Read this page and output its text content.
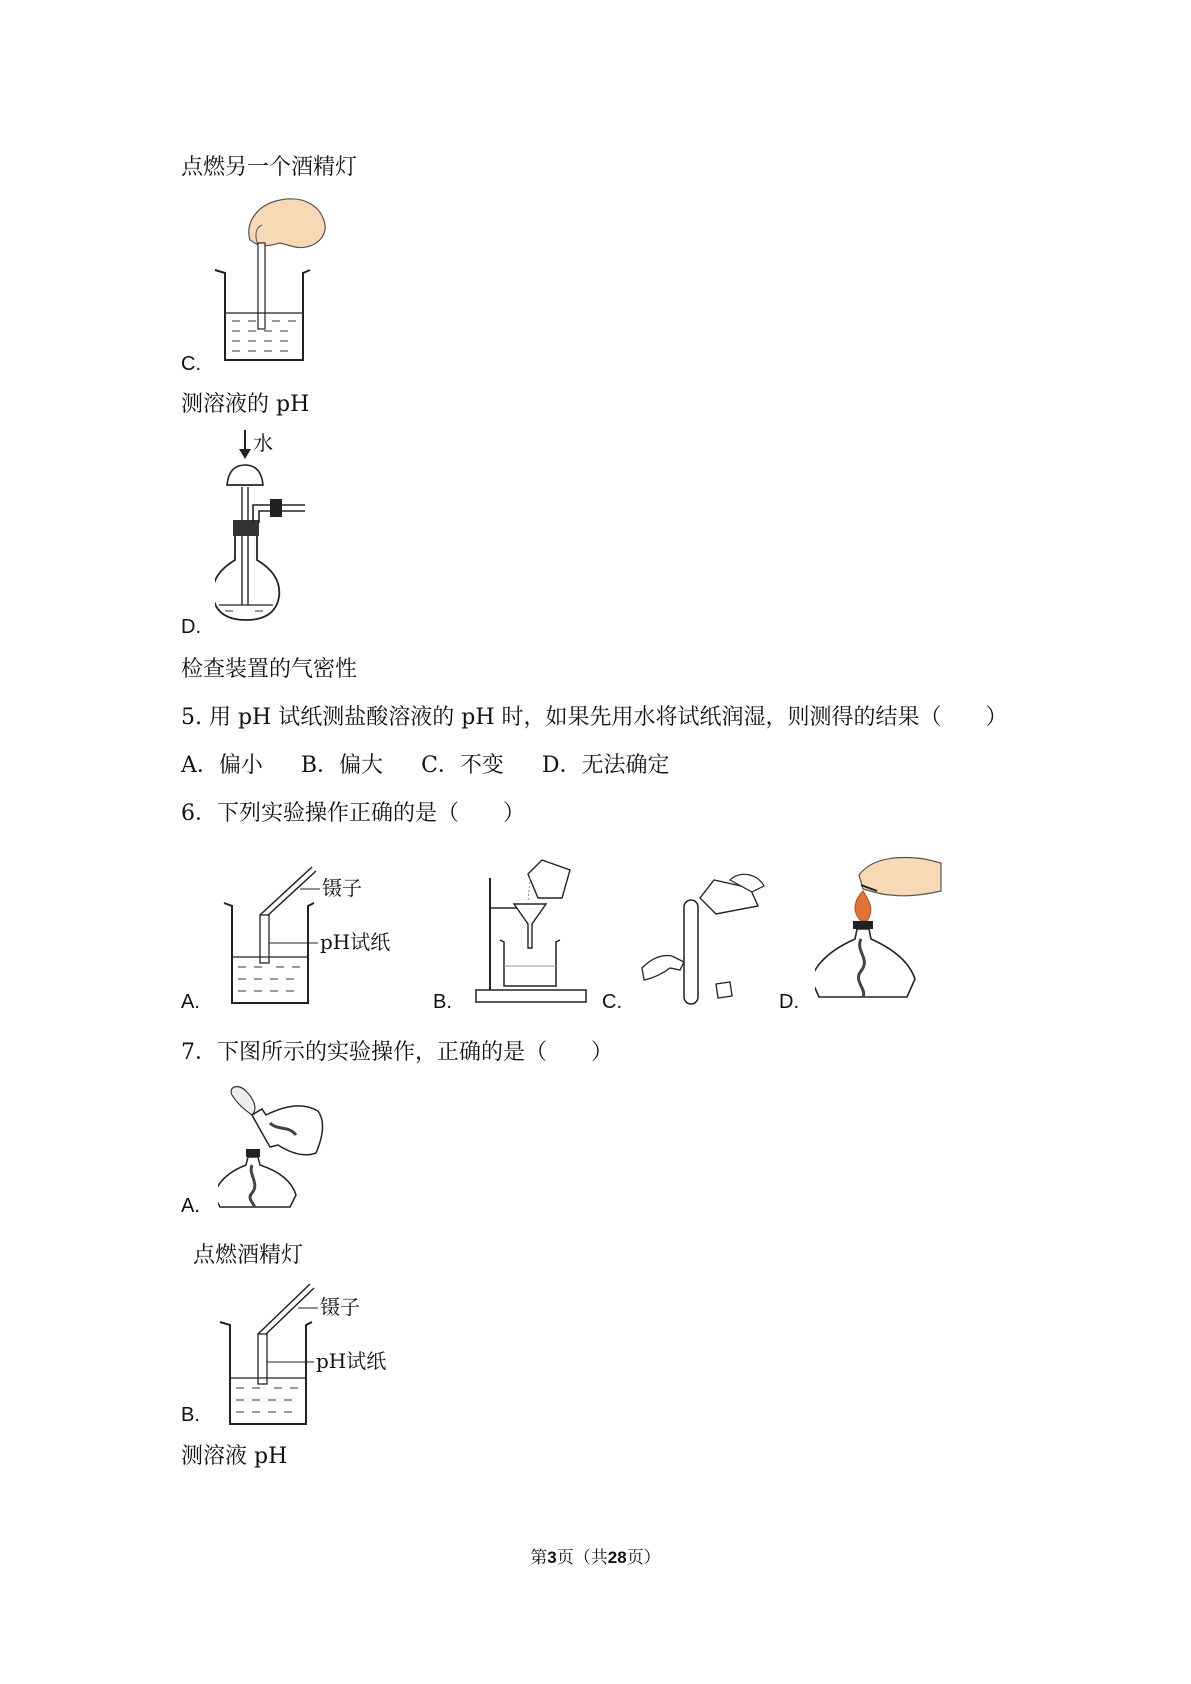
点燃另一个酒精灯
C.
测溶液的 pH
水
D.
检查装置的气密性
5. 用 pH 试纸测盐酸溶液的 pH 时，如果先用水将试纸润湿，则测得的结果（　　）
A．偏小 B．偏大 C．不变 D．无法确定
6．下列实验操作正确的是（　　）
镊子
pH试纸
A.	B.	C.	D.
7．下图所示的实验操作，正确的是（　　）
A.
点燃酒精灯
镊子
pH试纸
B.
测溶液 pH
第3页（共28页）
